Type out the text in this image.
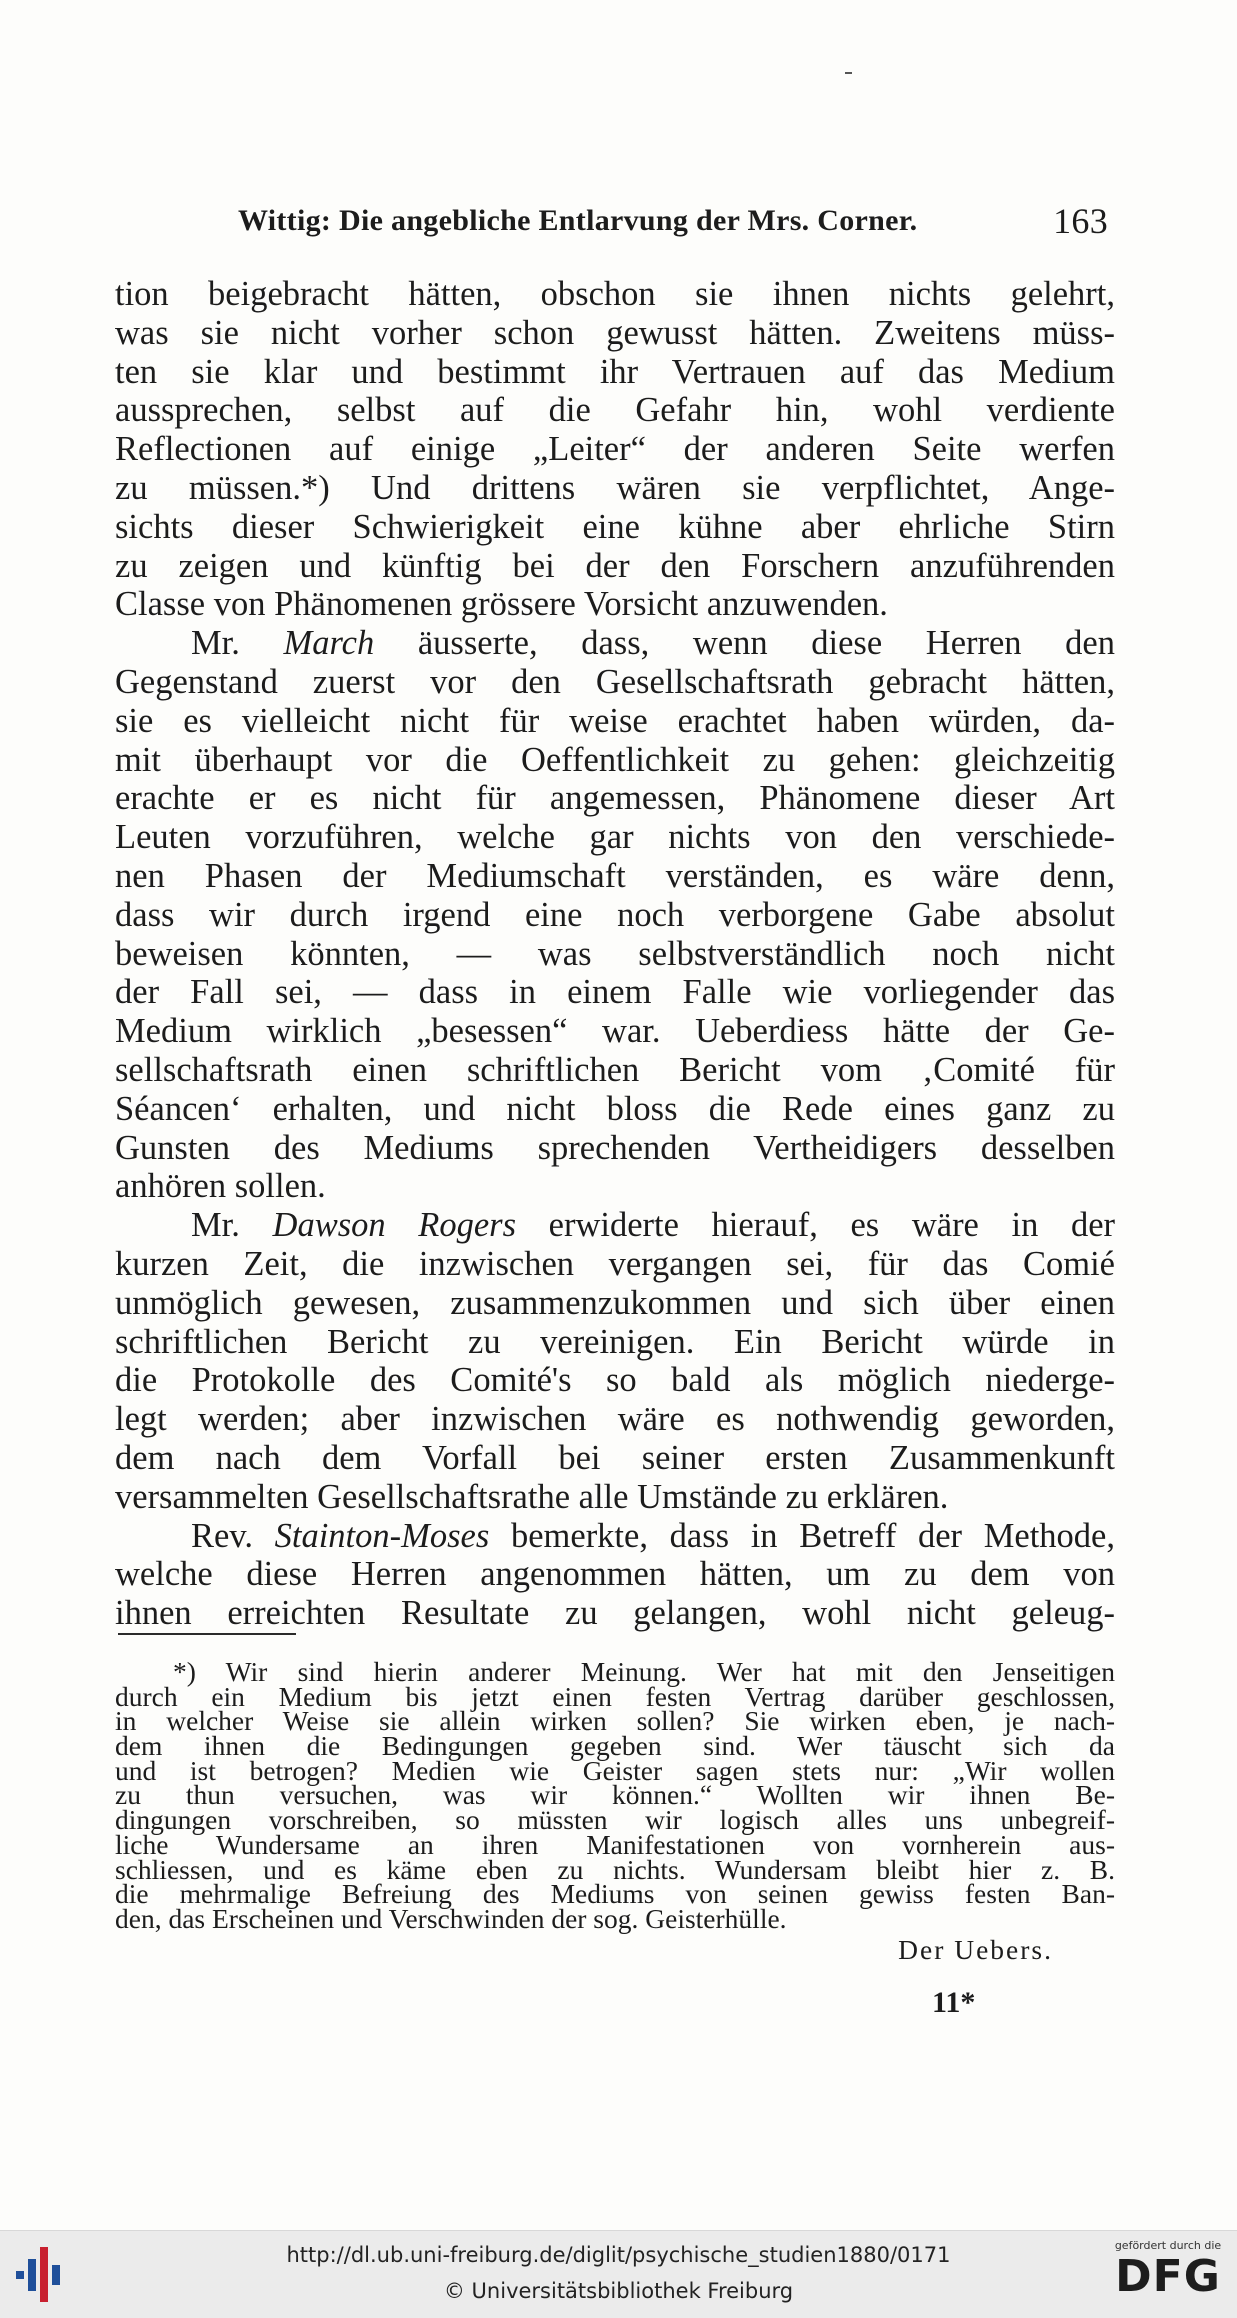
Wittig: Die angebliche Entlarvung der Mrs. Corner.	163
tion beigebracht hätten, obschon sie ihnen nichts gelehrt,
was sie nicht vorher schon gewusst hätten. Zweitens müss-
ten sie klar und bestimmt ihr Vertrauen auf das Medium
aussprechen, selbst auf die Gefahr hin, wohl verdiente
Reflectionen auf einige „Leiter“ der anderen Seite werfen
zu müssen.*) Und drittens wären sie verpflichtet, Ange-
sichts dieser Schwierigkeit eine kühne aber ehrliche Stirn
zu zeigen und künftig bei der den Forschern anzuführenden
Classe von Phänomenen grössere Vorsicht anzuwenden.
Mr. March äusserte, dass, wenn diese Herren den
Gegenstand zuerst vor den Gesellschaftsrath gebracht hätten,
sie es vielleicht nicht für weise erachtet haben würden, da-
mit überhaupt vor die Oeffentlichkeit zu gehen: gleichzeitig
erachte er es nicht für angemessen, Phänomene dieser Art
Leuten vorzuführen, welche gar nichts von den verschiede-
nen Phasen der Mediumschaft verständen, es wäre denn,
dass wir durch irgend eine noch verborgene Gabe absolut
beweisen könnten, — was selbstverständlich noch nicht
der Fall sei, — dass in einem Falle wie vorliegender das
Medium wirklich „besessen“ war. Ueberdiess hätte der Ge-
sellschaftsrath einen schriftlichen Bericht vom ‚Comité für
Séancen‘ erhalten, und nicht bloss die Rede eines ganz zu
Gunsten des Mediums sprechenden Vertheidigers desselben
anhören sollen.
Mr. Dawson Rogers erwiderte hierauf, es wäre in der
kurzen Zeit, die inzwischen vergangen sei, für das Comié
unmöglich gewesen, zusammenzukommen und sich über einen
schriftlichen Bericht zu vereinigen. Ein Bericht würde in
die Protokolle des Comité's so bald als möglich niederge-
legt werden; aber inzwischen wäre es nothwendig geworden,
dem nach dem Vorfall bei seiner ersten Zusammenkunft
versammelten Gesellschaftsrathe alle Umstände zu erklären.
Rev. Stainton-Moses bemerkte, dass in Betreff der Methode,
welche diese Herren angenommen hätten, um zu dem von
ihnen erreichten Resultate zu gelangen, wohl nicht geleug-
*) Wir sind hierin anderer Meinung. Wer hat mit den Jenseitigen
durch ein Medium bis jetzt einen festen Vertrag darüber geschlossen,
in welcher Weise sie allein wirken sollen? Sie wirken eben, je nach-
dem ihnen die Bedingungen gegeben sind. Wer täuscht sich da
und ist betrogen? Medien wie Geister sagen stets nur: „Wir wollen
zu thun versuchen, was wir können.“ Wollten wir ihnen Be-
dingungen vorschreiben, so müssten wir logisch alles uns unbegreif-
liche Wundersame an ihren Manifestationen von vornherein aus-
schliessen, und es käme eben zu nichts. Wundersam bleibt hier z. B.
die mehrmalige Befreiung des Mediums von seinen gewiss festen Ban-
den, das Erscheinen und Verschwinden der sog. Geisterhülle.
Der Uebers.
11*
http://dl.ub.uni-freiburg.de/diglit/psychische_studien1880/0171
© Universitätsbibliothek Freiburg
gefördert durch die
DFG
